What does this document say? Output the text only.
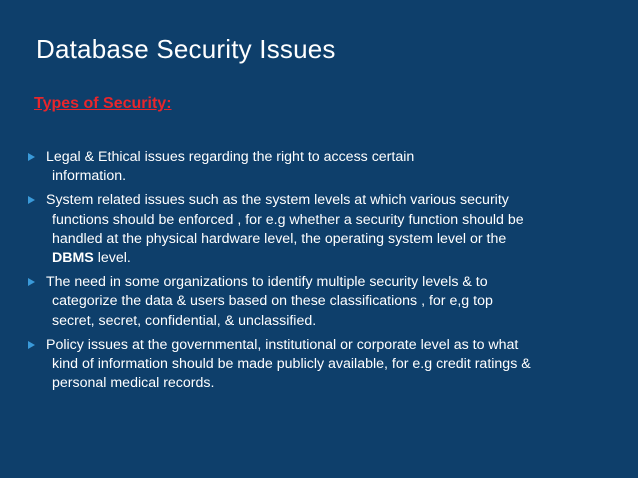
Database Security Issues
Types of Security:
Legal & Ethical issues regarding the right to access certain
information.
System related issues such as the system levels at which various security
functions should be enforced , for e.g whether a security function should be
handled at the physical hardware level, the operating system level or the
DBMS level.
The need in some organizations to identify multiple security levels & to
categorize the data & users based on these classifications , for e,g top
secret, secret, confidential, & unclassified.
Policy issues at the governmental, institutional or corporate level as to what
kind of information should be made publicly available, for e.g credit ratings &
personal medical records.
